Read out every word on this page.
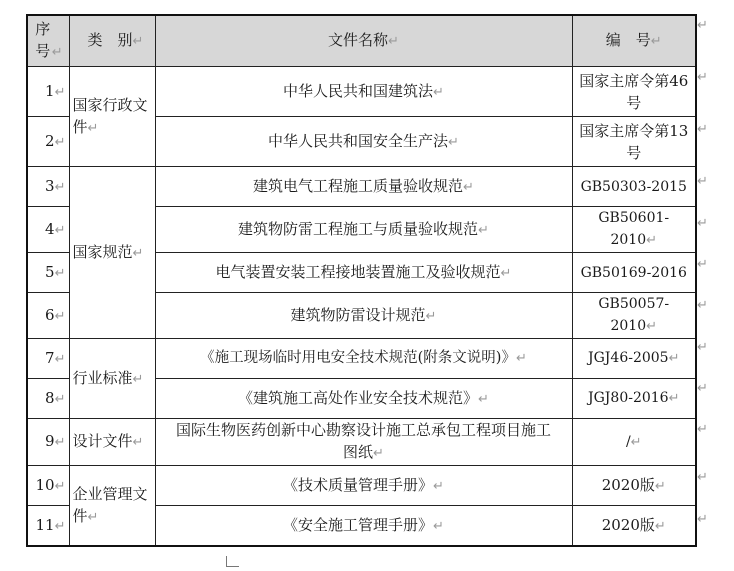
序号 ↵	类　别↵	文件名称↵	编　号↵
1↵	国家行政文件↵	中华人民共和国建筑法↵	国家主席令第46号
2↵		中华人民共和国安全生产法↵	国家主席令第13号
3↵	国家规范↵	建筑电气工程施工质量验收规范↵	GB50303-2015
4↵		建筑物防雷工程施工与质量验收规范↵	GB50601-2010↵
5↵		电气装置安装工程接地装置施工及验收规范↵	GB50169-2016
6↵		建筑物防雷设计规范↵	GB50057-2010↵
7↵	行业标准↵	《施工现场临时用电安全技术规范(附条文说明)》↵	JGJ46-2005↵
8↵		《建筑施工高处作业安全技术规范》↵	JGJ80-2016↵
9↵	设计文件↵	国际生物医药创新中心勘察设计施工总承包工程项目施工图纸↵	/↵
10↵	企业管理文件↵	《技术质量管理手册》↵	2020版↵
11↵		《安全施工管理手册》↵	2020版↵
↵
↵
↵
↵
↵
↵
↵
↵
↵
↵
↵
↵
